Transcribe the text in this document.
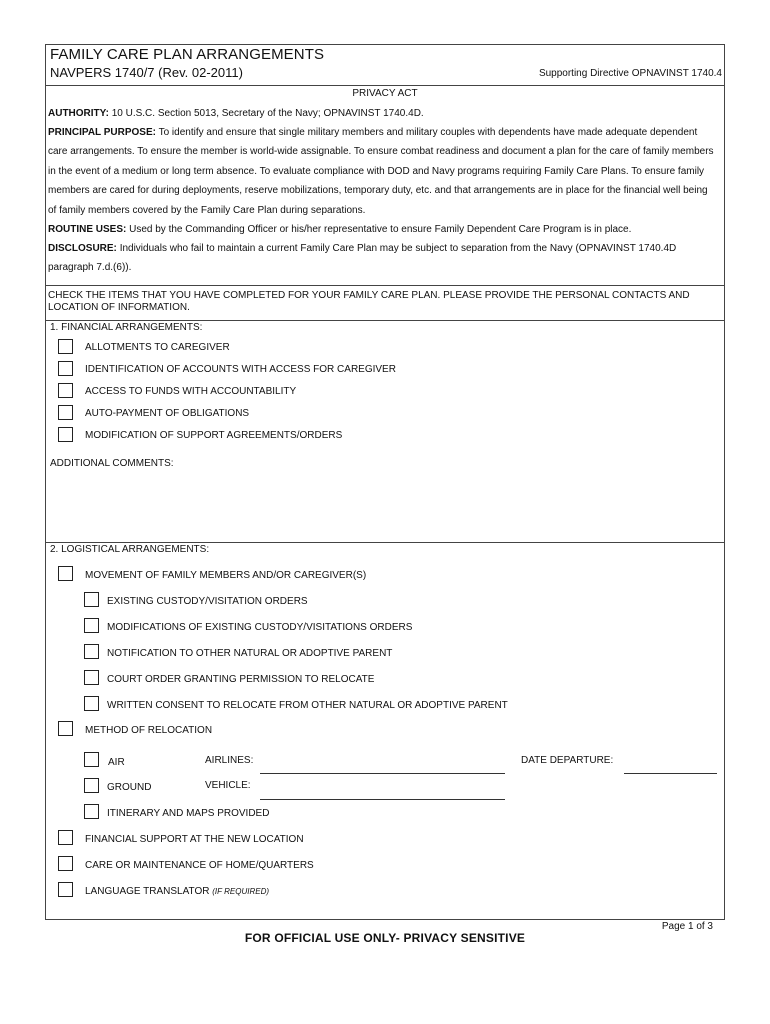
FAMILY CARE PLAN ARRANGEMENTS
NAVPERS 1740/7 (Rev. 02-2011)	Supporting Directive OPNAVINST 1740.4
PRIVACY ACT
AUTHORITY: 10 U.S.C. Section 5013, Secretary of the Navy; OPNAVINST 1740.4D.
PRINCIPAL PURPOSE: To identify and ensure that single military members and military couples with dependents have made adequate dependent care arrangements. To ensure the member is world-wide assignable. To ensure combat readiness and document a plan for the care of family members in the event of a medium or long term absence. To evaluate compliance with DOD and Navy programs requiring Family Care Plans. To ensure family members are cared for during deployments, reserve mobilizations, temporary duty, etc. and that arrangements are in place for the financial well being of family members covered by the Family Care Plan during separations.
ROUTINE USES: Used by the Commanding Officer or his/her representative to ensure Family Dependent Care Program is in place.
DISCLOSURE: Individuals who fail to maintain a current Family Care Plan may be subject to separation from the Navy (OPNAVINST 1740.4D paragraph 7.d.(6)).
CHECK THE ITEMS THAT YOU HAVE COMPLETED FOR YOUR FAMILY CARE PLAN. PLEASE PROVIDE THE PERSONAL CONTACTS AND LOCATION OF INFORMATION.
1. FINANCIAL ARRANGEMENTS:
ALLOTMENTS TO CAREGIVER
IDENTIFICATION OF ACCOUNTS WITH ACCESS FOR CAREGIVER
ACCESS TO FUNDS WITH ACCOUNTABILITY
AUTO-PAYMENT OF OBLIGATIONS
MODIFICATION OF SUPPORT AGREEMENTS/ORDERS
ADDITIONAL COMMENTS:
2. LOGISTICAL ARRANGEMENTS:
MOVEMENT OF FAMILY MEMBERS AND/OR CAREGIVER(S)
EXISTING CUSTODY/VISITATION ORDERS
MODIFICATIONS OF EXISTING CUSTODY/VISITATIONS ORDERS
NOTIFICATION TO OTHER NATURAL OR ADOPTIVE PARENT
COURT ORDER GRANTING PERMISSION TO RELOCATE
WRITTEN CONSENT TO RELOCATE FROM OTHER NATURAL OR ADOPTIVE PARENT
METHOD OF RELOCATION
AIR	AIRLINES:	DATE DEPARTURE:
GROUND	VEHICLE:
ITINERARY AND MAPS PROVIDED
FINANCIAL SUPPORT AT THE NEW LOCATION
CARE OR MAINTENANCE OF HOME/QUARTERS
LANGUAGE TRANSLATOR (IF REQUIRED)
Page 1 of 3
FOR OFFICIAL USE ONLY- PRIVACY SENSITIVE
